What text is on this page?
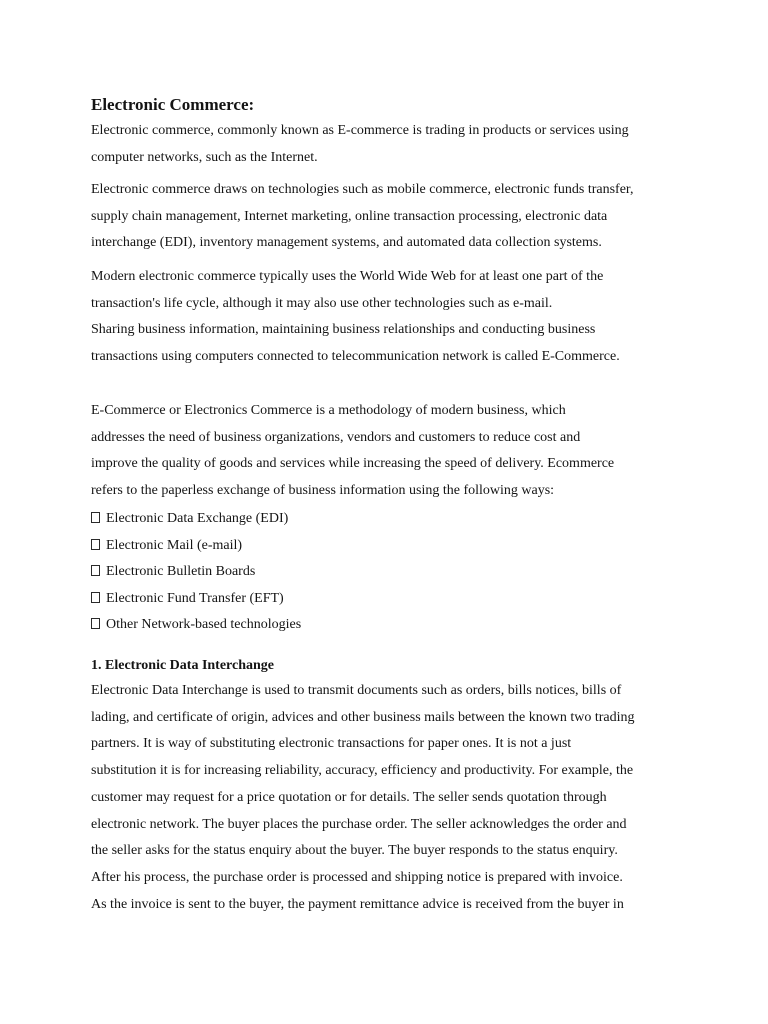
Electronic Commerce:
Electronic commerce, commonly known as E-commerce is trading in products or services using
computer networks, such as the Internet.
Electronic commerce draws on technologies such as mobile commerce, electronic funds transfer,
supply chain management, Internet marketing, online transaction processing, electronic data
interchange (EDI), inventory management systems, and automated data collection systems.
Modern electronic commerce typically uses the World Wide Web for at least one part of the
transaction's life cycle, although it may also use other technologies such as e-mail.
Sharing business information, maintaining business relationships and conducting business
transactions using computers connected to telecommunication network is called E-Commerce.
E-Commerce or Electronics Commerce is a methodology of modern business, which
addresses the need of business organizations, vendors and customers to reduce cost and
improve the quality of goods and services while increasing the speed of delivery. Ecommerce
refers to the paperless exchange of business information using the following ways:
Electronic Data Exchange (EDI)
Electronic Mail (e-mail)
Electronic Bulletin Boards
Electronic Fund Transfer (EFT)
Other Network-based technologies
1. Electronic Data Interchange
Electronic Data Interchange is used to transmit documents such as orders, bills notices, bills of
lading, and certificate of origin, advices and other business mails between the known two trading
partners. It is way of substituting electronic transactions for paper ones. It is not a just
substitution it is for increasing reliability, accuracy, efficiency and productivity. For example, the
customer may request for a price quotation or for details. The seller sends quotation through
electronic network. The buyer places the purchase order. The seller acknowledges the order and
the seller asks for the status enquiry about the buyer. The buyer responds to the status enquiry.
After his process, the purchase order is processed and shipping notice is prepared with invoice.
As the invoice is sent to the buyer, the payment remittance advice is received from the buyer in
